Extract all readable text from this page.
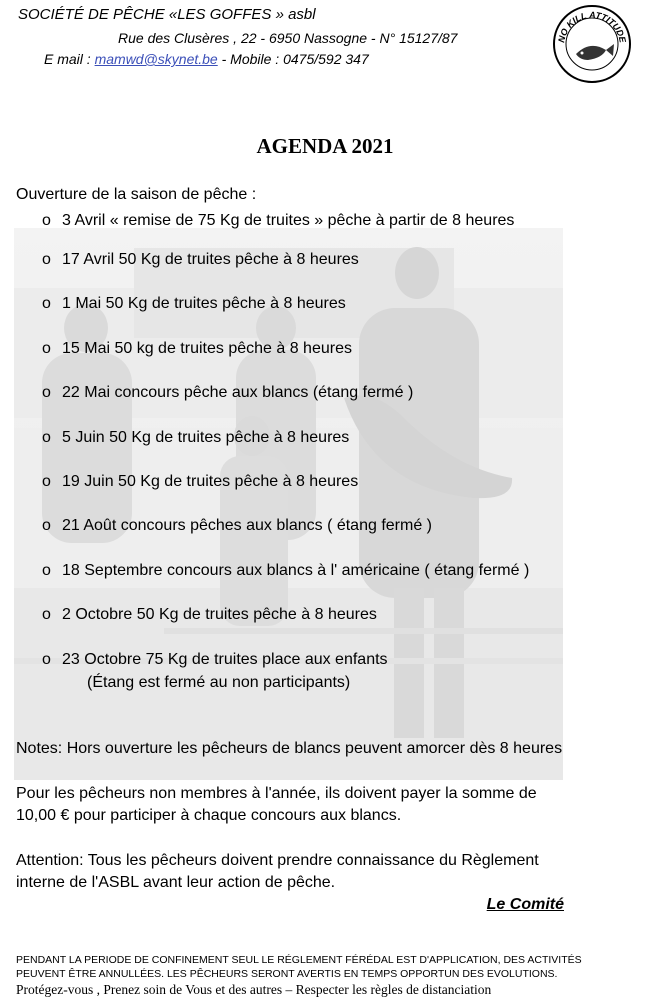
SOCIÉTÉ DE PÊCHE «LES GOFFES » asbl
Rue des Clusères , 22 - 6950 Nassogne - N° 15127/87
E mail : mamwd@skynet.be - Mobile : 0475/592 347
NO KILL ATTITUDE
AGENDA 2021
Ouverture de la saison de pêche :
o 3 Avril « remise de 75 Kg de truites » pêche à partir de 8 heures
o 17 Avril 50 Kg de truites pêche à 8 heures
o 1 Mai 50 Kg de truites pêche à 8 heures
o 15 Mai 50 kg de truites pêche à 8 heures
o 22 Mai concours pêche aux blancs (étang fermé )
o 5 Juin 50 Kg de truites pêche à 8 heures
o 19 Juin 50 Kg de truites pêche à 8 heures
o 21 Août concours pêches aux blancs ( étang fermé )
o 18 Septembre concours aux blancs à l' américaine ( étang fermé )
o 2 Octobre 50 Kg de truites pêche à 8 heures
o 23 Octobre 75 Kg de truites place aux enfants
(Étang est fermé au non participants)
Notes: Hors ouverture les pêcheurs de blancs peuvent amorcer dès 8 heures
Pour les pêcheurs non membres à l'année, ils doivent payer la somme de
10,00 € pour participer à chaque concours aux blancs.
Attention: Tous les pêcheurs doivent prendre connaissance du Règlement
interne de l'ASBL avant leur action de pêche.
Le Comité
PENDANT LA PERIODE DE CONFINEMENT SEUL LE RÉGLEMENT FÉRÉDAL EST D'APPLICATION, DES ACTIVITÉS
PEUVENT ÊTRE ANNULLÉES. LES PÊCHEURS SERONT AVERTIS EN TEMPS OPPORTUN DES EVOLUTIONS.
Protégez-vous , Prenez soin de Vous et des autres – Respecter les règles de distanciation
